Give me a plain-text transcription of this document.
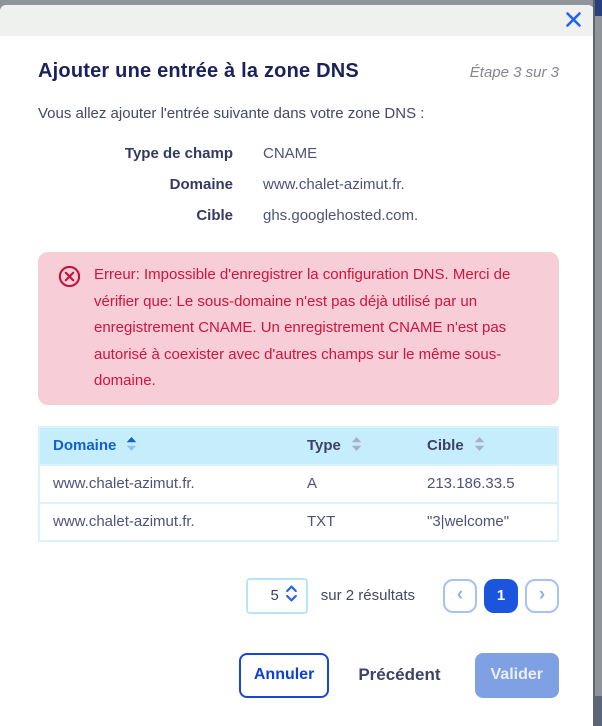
Ajouter une entrée à la zone DNS	Étape 3 sur 3

Vous allez ajouter l'entrée suivante dans votre zone DNS :

Type de champ CNAME
Domaine www.chalet-azimut.fr.
Cible ghs.googlehosted.com.
Erreur: Impossible d'enregistrer la configuration DNS. Merci de vérifier que: Le sous-domaine n'est pas déjà utilisé par un enregistrement CNAME. Un enregistrement CNAME n'est pas autorisé à coexister avec d'autres champs sur le même sous-domaine.
Domaine	Type	Cible

www.chalet-azimut.fr.	A	213.186.33.5
www.chalet-azimut.fr.	TXT	"3|welcome"
5	sur 2 résultats ‹	1	›
Annuler	Précédent	Valider
